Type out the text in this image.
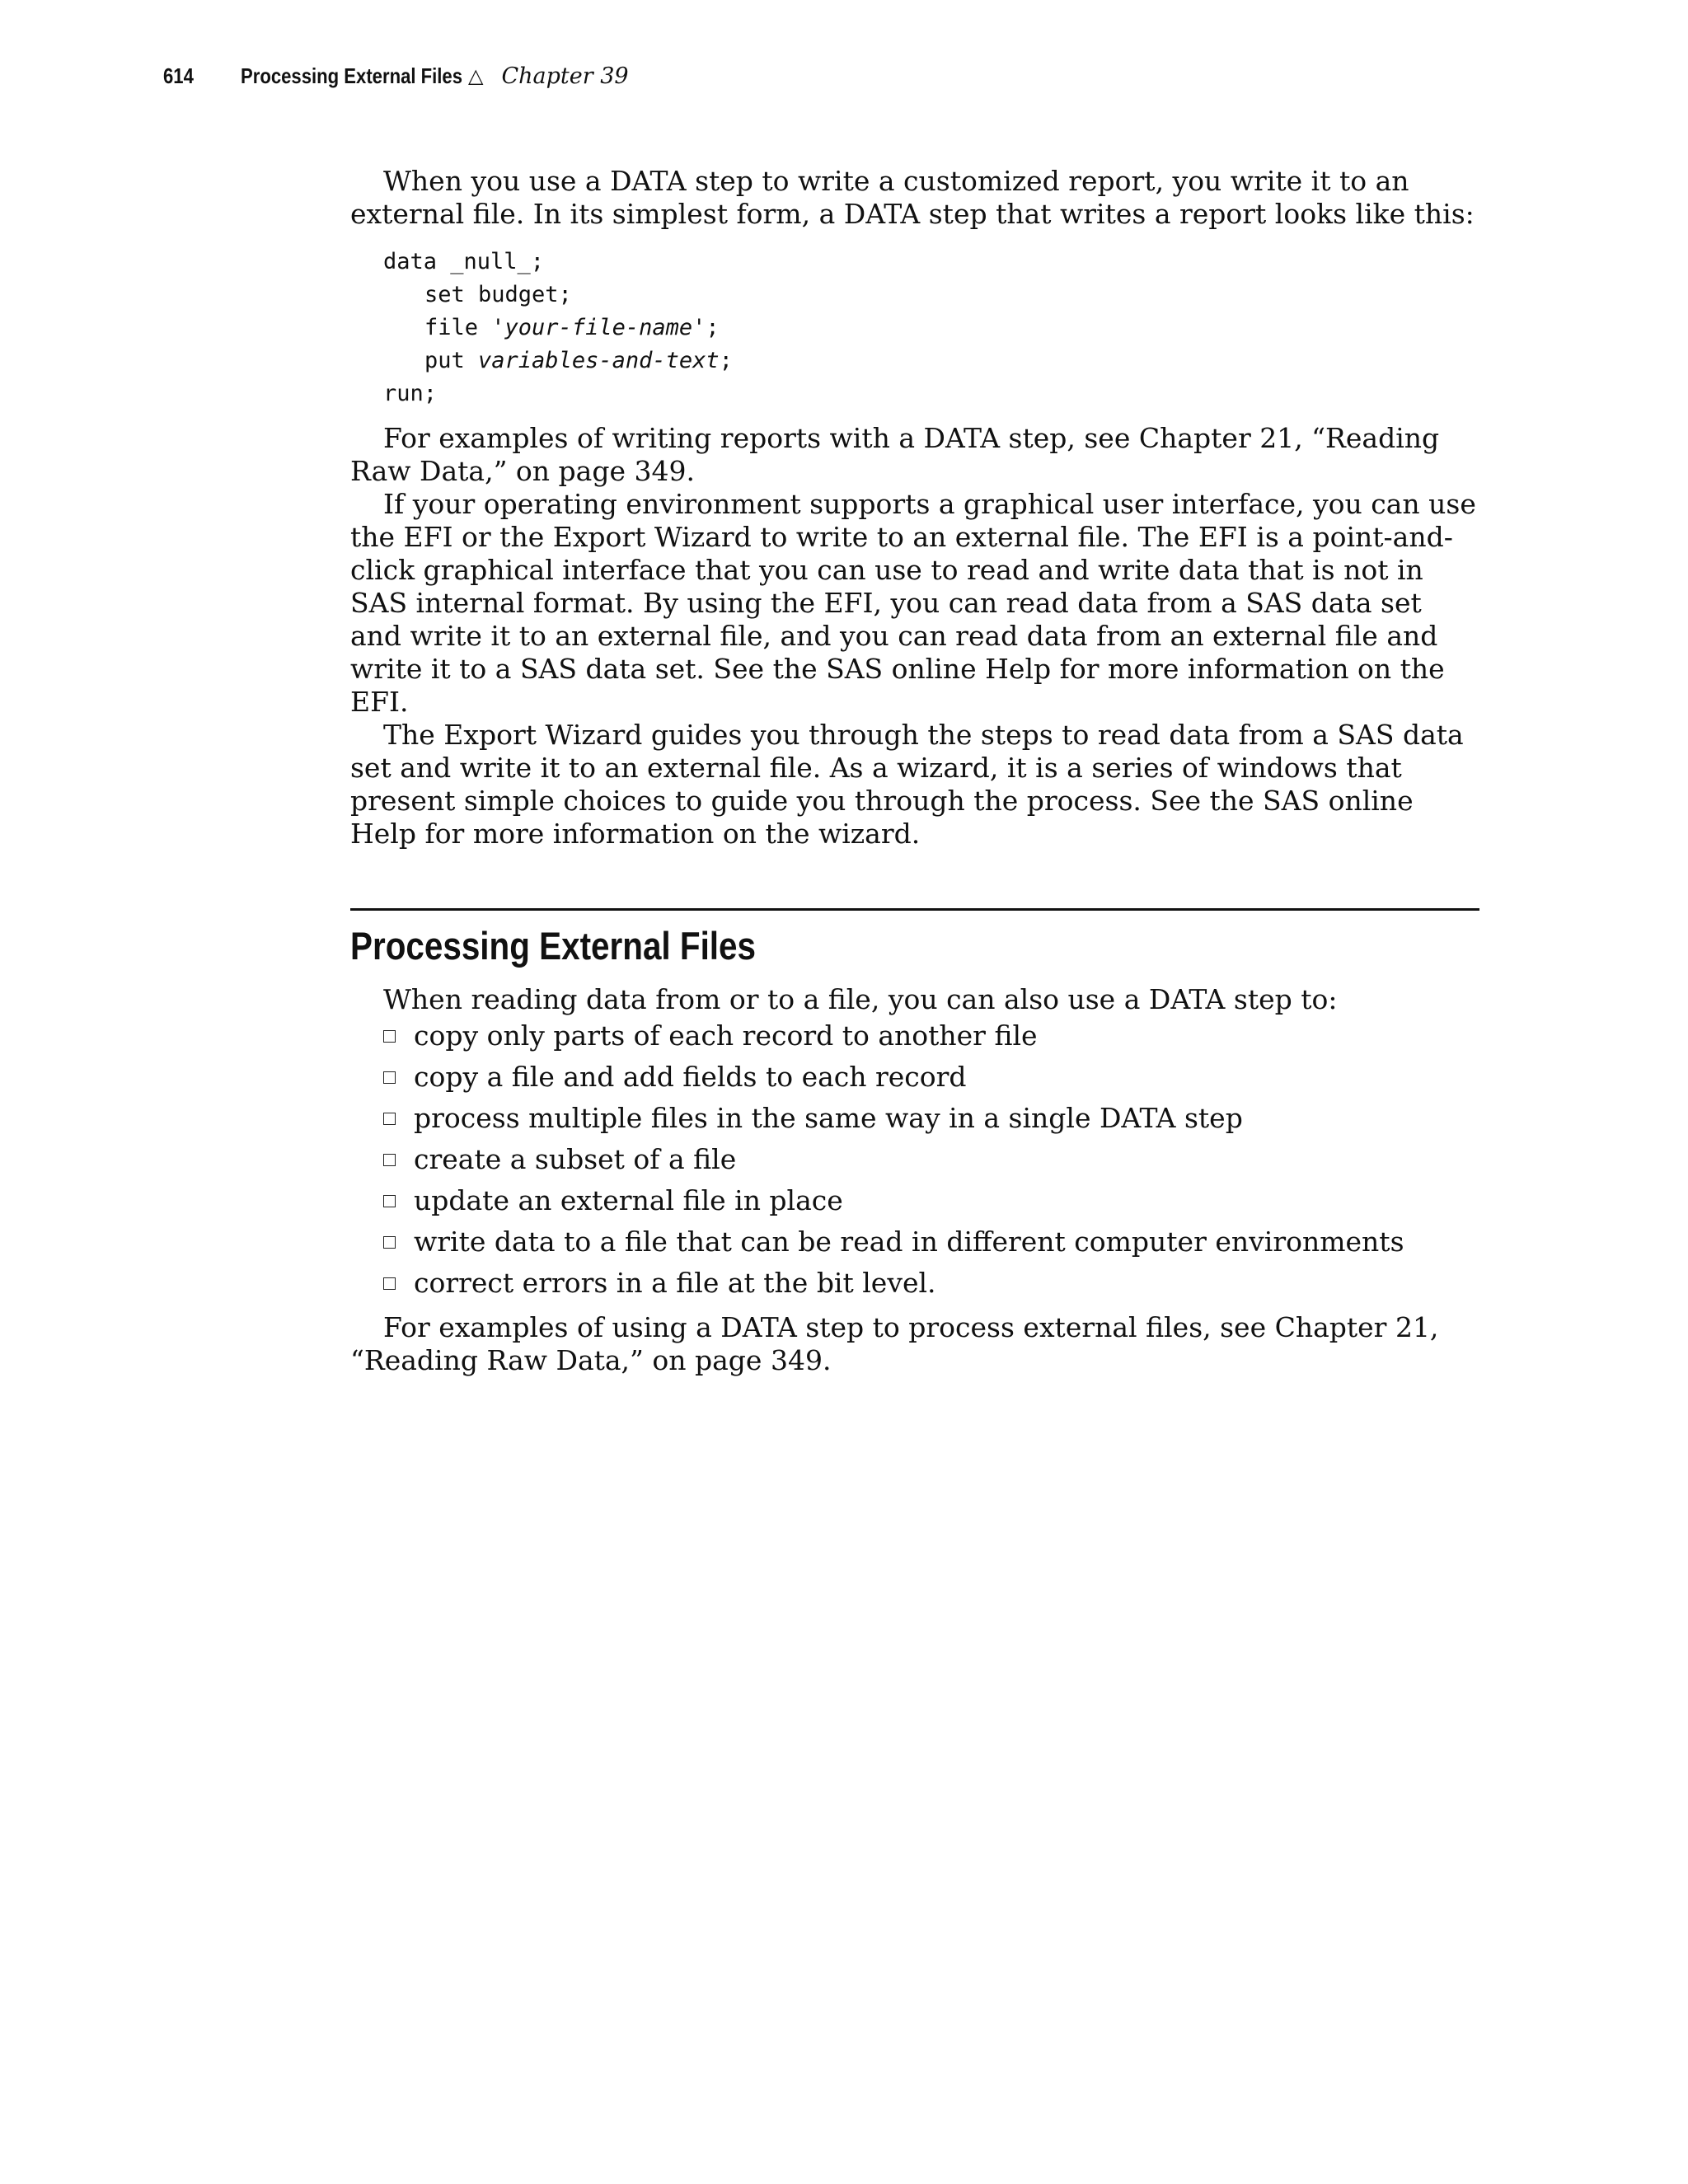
614	Processing External Files △ Chapter 39

When you use a DATA step to write a customized report, you write it to an external file. In its simplest form, a DATA step that writes a report looks like this:

data _null_;
set budget;
file 'your-file-name';
put variables-and-text;
run;

For examples of writing reports with a DATA step, see Chapter 21, “Reading Raw Data,” on page 349.

If your operating environment supports a graphical user interface, you can use the EFI or the Export Wizard to write to an external file. The EFI is a point-and-click graphical interface that you can use to read and write data that is not in SAS internal format. By using the EFI, you can read data from a SAS data set and write it to an external file, and you can read data from an external file and write it to a SAS data set. See the SAS online Help for more information on the EFI.

The Export Wizard guides you through the steps to read data from a SAS data set and write it to an external file. As a wizard, it is a series of windows that present simple choices to guide you through the process. See the SAS online Help for more information on the wizard.

Processing External Files

When reading data from or to a file, you can also use a DATA step to:

copy only parts of each record to another file
copy a file and add fields to each record
process multiple files in the same way in a single DATA step
create a subset of a file
update an external file in place
write data to a file that can be read in different computer environments
correct errors in a file at the bit level.

For examples of using a DATA step to process external files, see Chapter 21, “Reading Raw Data,” on page 349.
